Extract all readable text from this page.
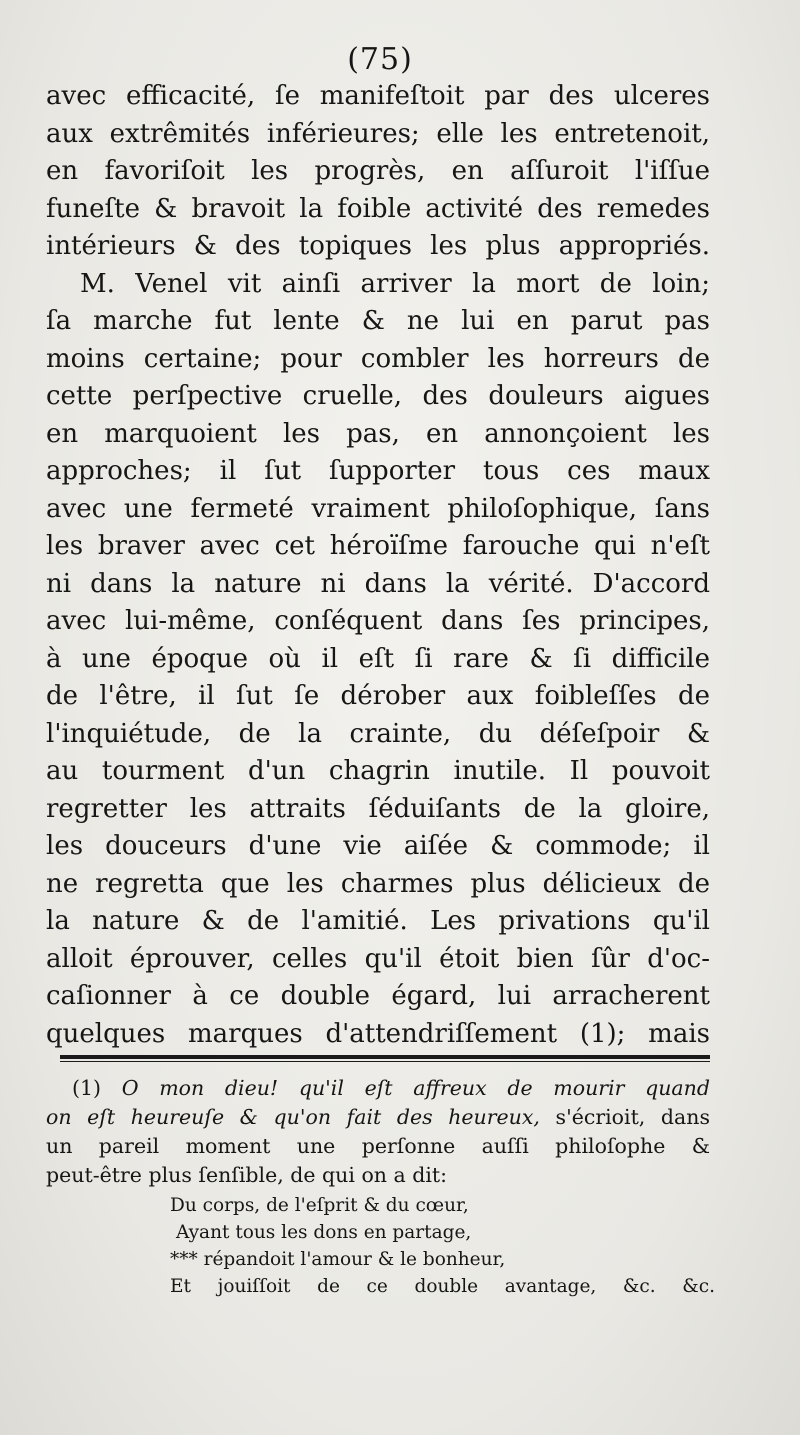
(75)
avec efficacité, ſe manifeſtoit par des ulceres
aux extrêmités inférieures; elle les entretenoit,
en favoriſoit les progrès, en aſſuroit l'iſſue
funeſte & bravoit la foible activité des remedes
intérieurs & des topiques les plus appropriés.
M. Venel vit ainſi arriver la mort de loin;
ſa marche fut lente & ne lui en parut pas
moins certaine; pour combler les horreurs de
cette perſpective cruelle, des douleurs aigues
en marquoient les pas, en annonçoient les
approches; il ſut ſupporter tous ces maux
avec une fermeté vraiment philoſophique, ſans
les braver avec cet héroïſme farouche qui n'eſt
ni dans la nature ni dans la vérité. D'accord
avec lui-même, conſéquent dans ſes principes,
à une époque où il eſt ſi rare & ſi difficile
de l'être, il ſut ſe dérober aux foibleſſes de
l'inquiétude, de la crainte, du déſeſpoir &
au tourment d'un chagrin inutile. Il pouvoit
regretter les attraits ſéduiſants de la gloire,
les douceurs d'une vie aiſée & commode; il
ne regretta que les charmes plus délicieux de
la nature & de l'amitié. Les privations qu'il
alloit éprouver, celles qu'il étoit bien ſûr d'oc-
caſionner à ce double égard, lui arracherent
quelques marques d'attendriſſement (1); mais
(1) O mon dieu! qu'il eſt affreux de mourir quand
on eſt heureuſe & qu'on fait des heureux, s'écrioit, dans
un pareil moment une perſonne auſſi philoſophe &
peut-être plus ſenſible, de qui on a dit:
Du corps, de l'eſprit & du cœur,
Ayant tous les dons en partage,
*** répandoit l'amour & le bonheur,
Et jouiſſoit de ce double avantage, &c. &c.
